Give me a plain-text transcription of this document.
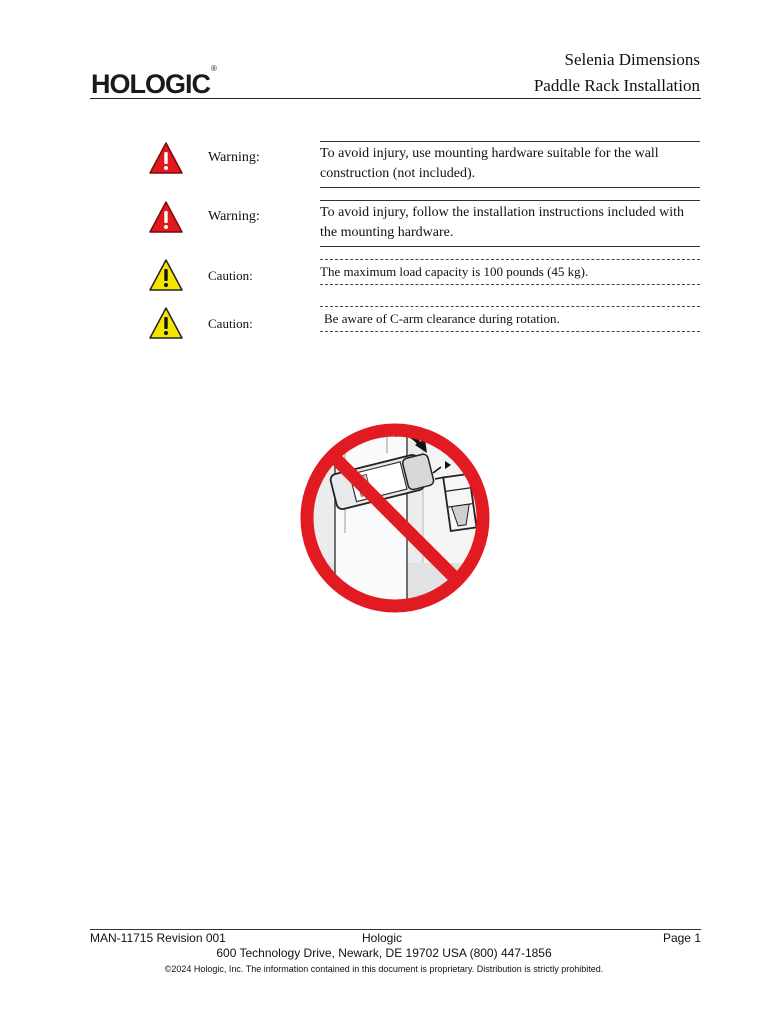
HOLOGIC®	Selenia Dimensions
Paddle Rack Installation
Warning:	To avoid injury, use mounting hardware suitable for the wall construction (not included).
Warning:	To avoid injury, follow the installation instructions included with the mounting hardware.
Caution:	The maximum load capacity is 100 pounds (45 kg).
Caution:	Be aware of C-arm clearance during rotation.
MAN-11715 Revision 001	Hologic	Page 1
600 Technology Drive, Newark, DE 19702 USA (800) 447-1856
©2024 Hologic, Inc. The information contained in this document is proprietary. Distribution is strictly prohibited.
